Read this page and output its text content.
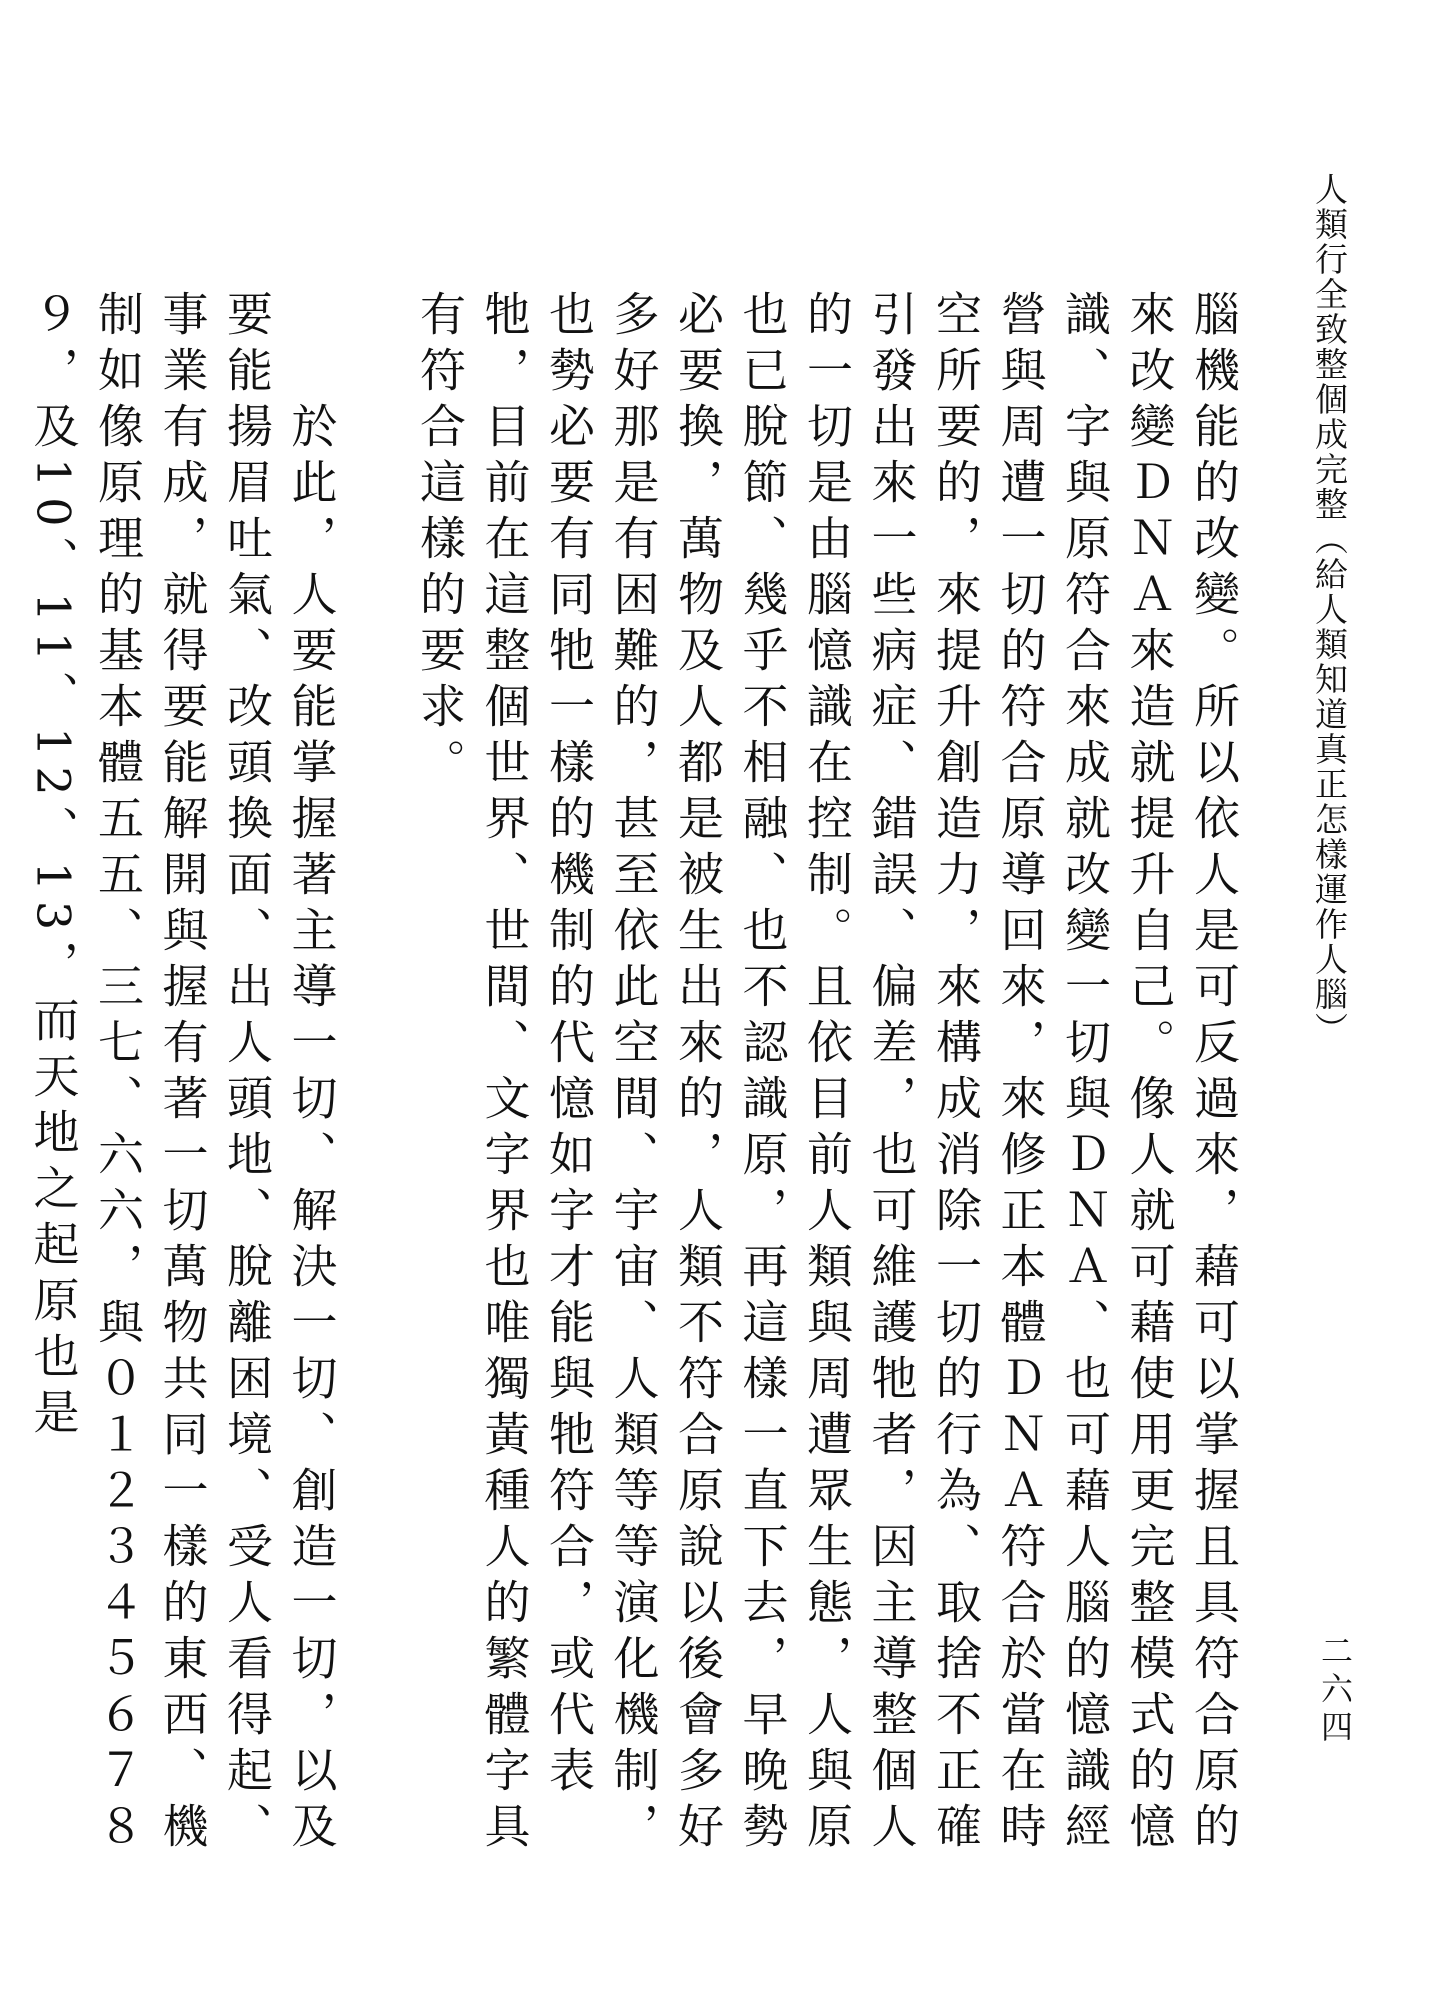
人類行全致整個成完整（給人類知道真正怎樣運作人腦）
二六四

腦機能的改變。所以依人是可反過來，藉可以掌握且具符合原的來改變ＤＮＡ來造就提升自己。像人就可藉使用更完整模式的憶識、字與原符合來成就改變一切與ＤＮＡ、也可藉人腦的憶識經營與周遭一切的符合原導回來，來修正本體ＤＮＡ符合於當在時空所要的，來提升創造力，來構成消除一切的行為、取捨不正確引發出來一些病症、錯誤、偏差，也可維護牠者，因主導整個人的一切是由腦憶識在控制。且依目前人類與周遭眾生態，人與原也已脫節、幾乎不相融、也不認識原，再這樣一直下去，早晚勢必要換，萬物及人都是被生出來的，人類不符合原說以後會多好多好那是有困難的，甚至依此空間、宇宙、人類等等演化機制，也勢必要有同牠一樣的機制的代憶如字才能與牠符合，或代表牠，目前在這整個世界、世間、文字界也唯獨黃種人的繁體字具有符合這樣的要求。

於此，人要能掌握著主導一切、解決一切、創造一切，以及要能揚眉吐氣、改頭換面、出人頭地、脫離困境、受人看得起、事業有成，就得要能解開與握有著一切萬物共同一樣的東西、機制如像原理的基本體五五、三七、六六，與０１２３４５６７８９，及10、11、12、13，而天地之起原也是
